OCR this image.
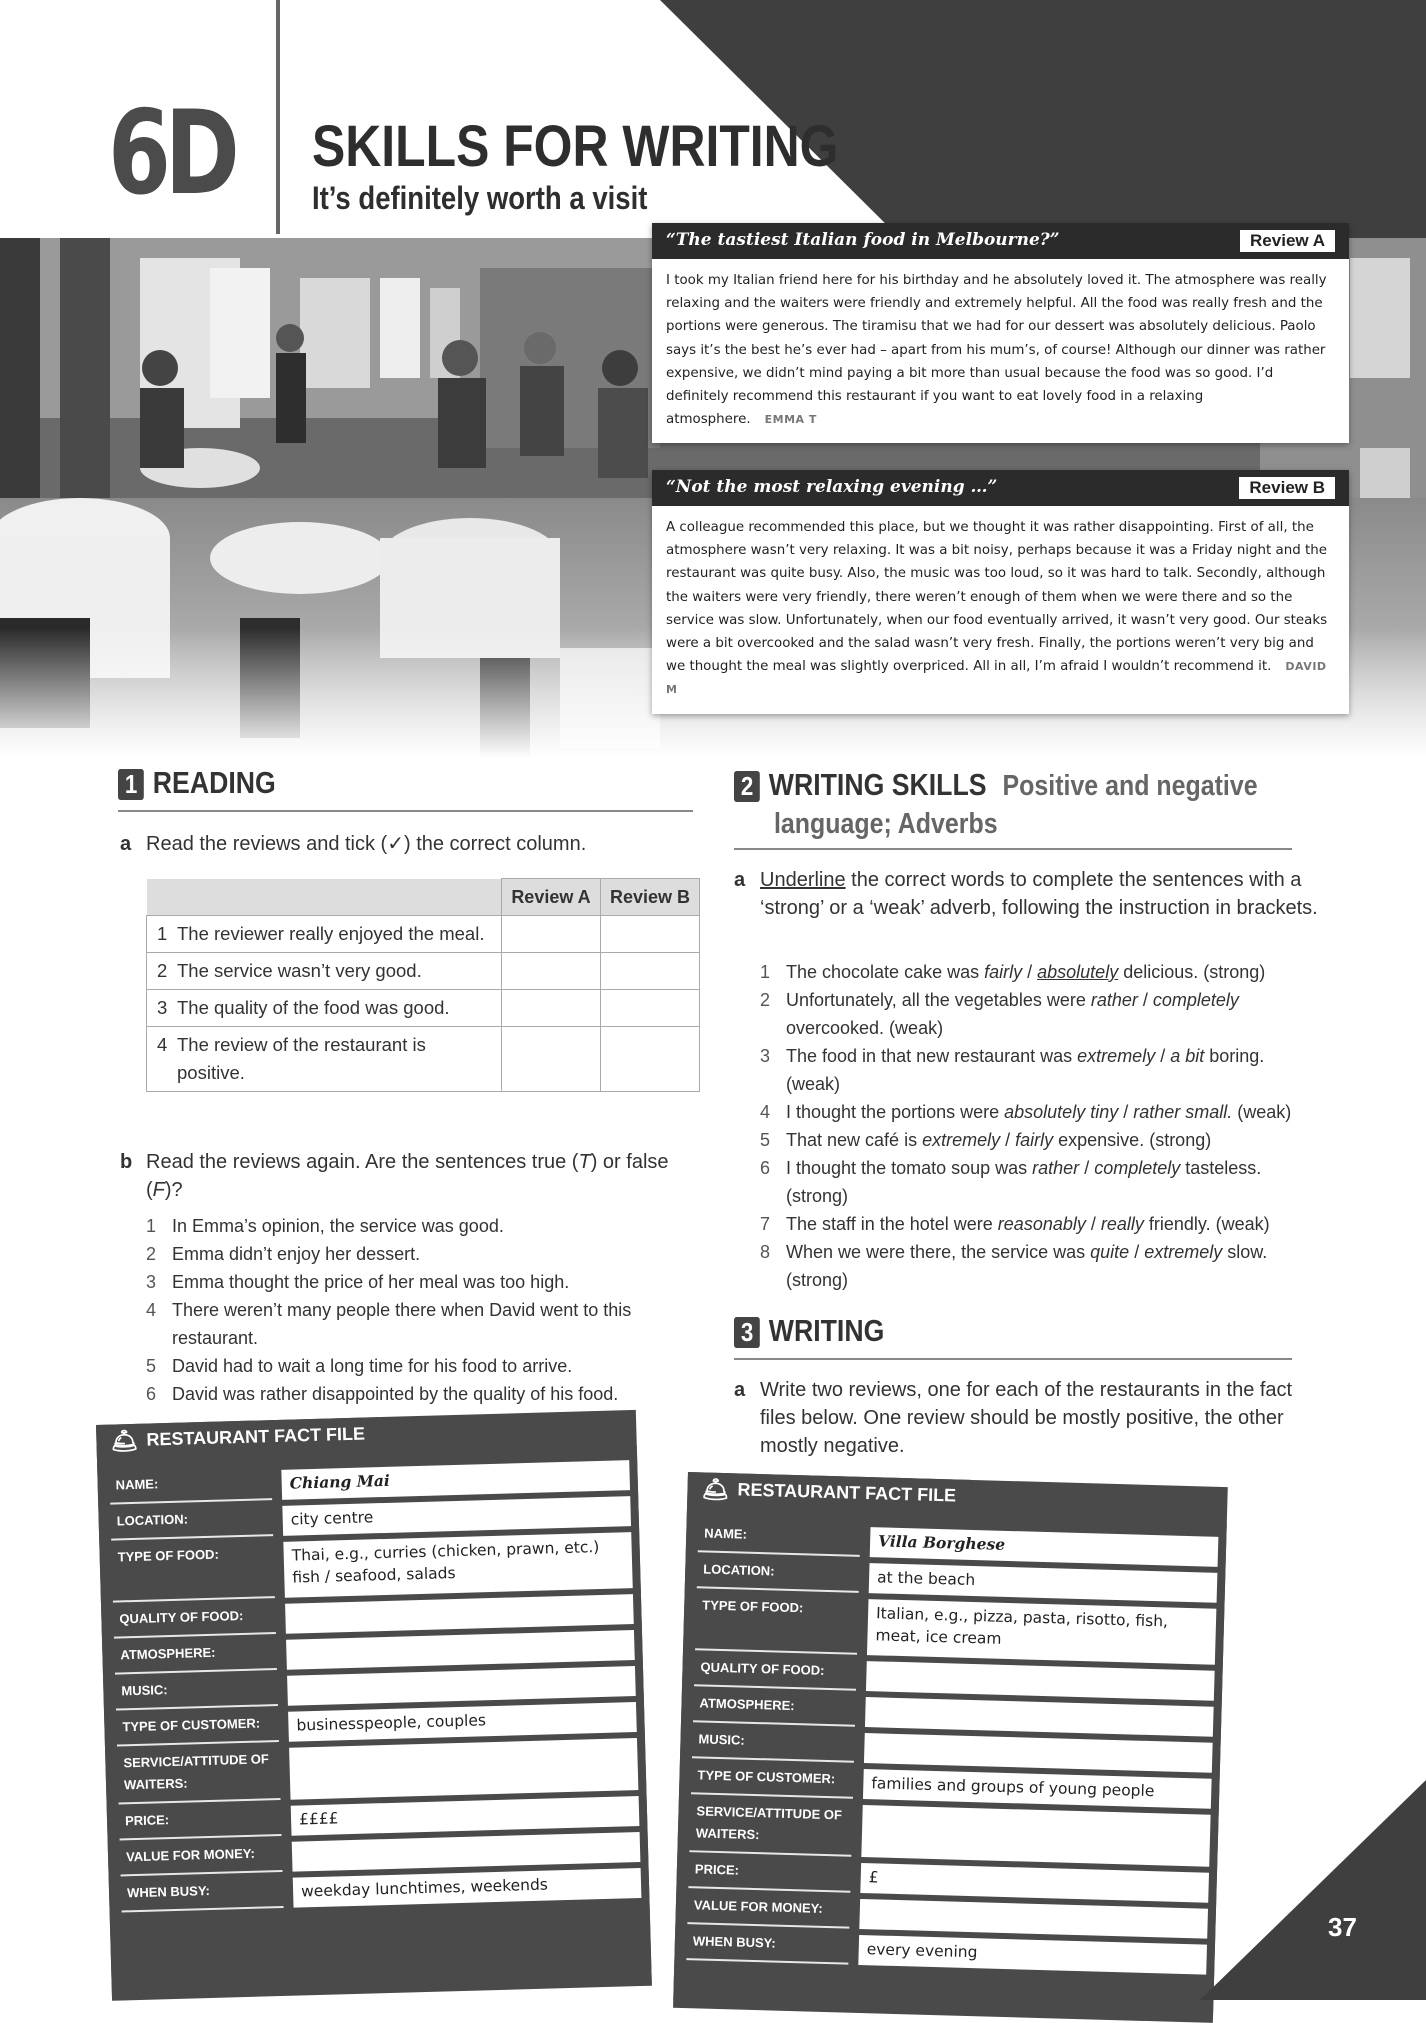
6D SKILLS FOR WRITING
It’s definitely worth a visit
“The tastiest Italian food in Melbourne?”	Review A
I took my Italian friend here for his birthday and he absolutely loved it. The atmosphere was really relaxing and the waiters were friendly and extremely helpful. All the food was really fresh and the portions were generous. The tiramisu that we had for our dessert was absolutely delicious. Paolo says it’s the best he’s ever had – apart from his mum’s, of course! Although our dinner was rather expensive, we didn’t mind paying a bit more than usual because the food was so good. I’d definitely recommend this restaurant if you want to eat lovely food in a relaxing atmosphere. EMMA T
“Not the most relaxing evening …”	Review B
A colleague recommended this place, but we thought it was rather disappointing. First of all, the atmosphere wasn’t very relaxing. It was a bit noisy, perhaps because it was a Friday night and the restaurant was quite busy. Also, the music was too loud, so it was hard to talk. Secondly, although the waiters were very friendly, there weren’t enough of them when we were there and so the service was slow. Unfortunately, when our food eventually arrived, it wasn’t very good. Our steaks were a bit overcooked and the salad wasn’t very fresh. Finally, the portions weren’t very big and we thought the meal was slightly overpriced. All in all, I’m afraid I wouldn’t recommend it. DAVID M
1 READING
a Read the reviews and tick (✓) the correct column.
	Review A	Review B

1 The reviewer really enjoyed the meal.		

2 The service wasn’t very good.		

3 The quality of the food was good.		

4 The review of the restaurant is positive.		
b Read the reviews again. Are the sentences true (T) or false (F)?
1 In Emma’s opinion, the service was good.
2 Emma didn’t enjoy her dessert.
3 Emma thought the price of her meal was too high.
4 There weren’t many people there when David went to this restaurant.
5 David had to wait a long time for his food to arrive.
6 David was rather disappointed by the quality of his food.
2 WRITING SKILLS Positive and negative
language; Adverbs
a Underline the correct words to complete the sentences with a ‘strong’ or a ‘weak’ adverb, following the instruction in brackets.
1 The chocolate cake was fairly / absolutely delicious. (strong)
2 Unfortunately, all the vegetables were rather / completely overcooked. (weak)
3 The food in that new restaurant was extremely / a bit boring. (weak)
4 I thought the portions were absolutely tiny / rather small. (weak)
5 That new café is extremely / fairly expensive. (strong)
6 I thought the tomato soup was rather / completely tasteless. (strong)
7 The staff in the hotel were reasonably / really friendly. (weak)
8 When we were there, the service was quite / extremely slow. (strong)
3 WRITING
a Write two reviews, one for each of the restaurants in the fact files below. One review should be mostly positive, the other mostly negative.
🛎 RESTAURANT FACT FILE
NAME:	Chiang Mai
LOCATION:	city centre
TYPE OF FOOD:	Thai, e.g., curries (chicken, prawn, etc.) fish / seafood, salads
QUALITY OF FOOD:
ATMOSPHERE:
MUSIC:
TYPE OF CUSTOMER:	businesspeople, couples
SERVICE/ATTITUDE OF WAITERS:
PRICE:	££££
VALUE FOR MONEY:
WHEN BUSY:	weekday lunchtimes, weekends
🛎 RESTAURANT FACT FILE
NAME:	Villa Borghese
LOCATION:	at the beach
TYPE OF FOOD:	Italian, e.g., pizza, pasta, risotto, fish, meat, ice cream
QUALITY OF FOOD:
ATMOSPHERE:
MUSIC:
TYPE OF CUSTOMER:	families and groups of young people
SERVICE/ATTITUDE OF WAITERS:
PRICE:	£
VALUE FOR MONEY:
WHEN BUSY:	every evening
37
